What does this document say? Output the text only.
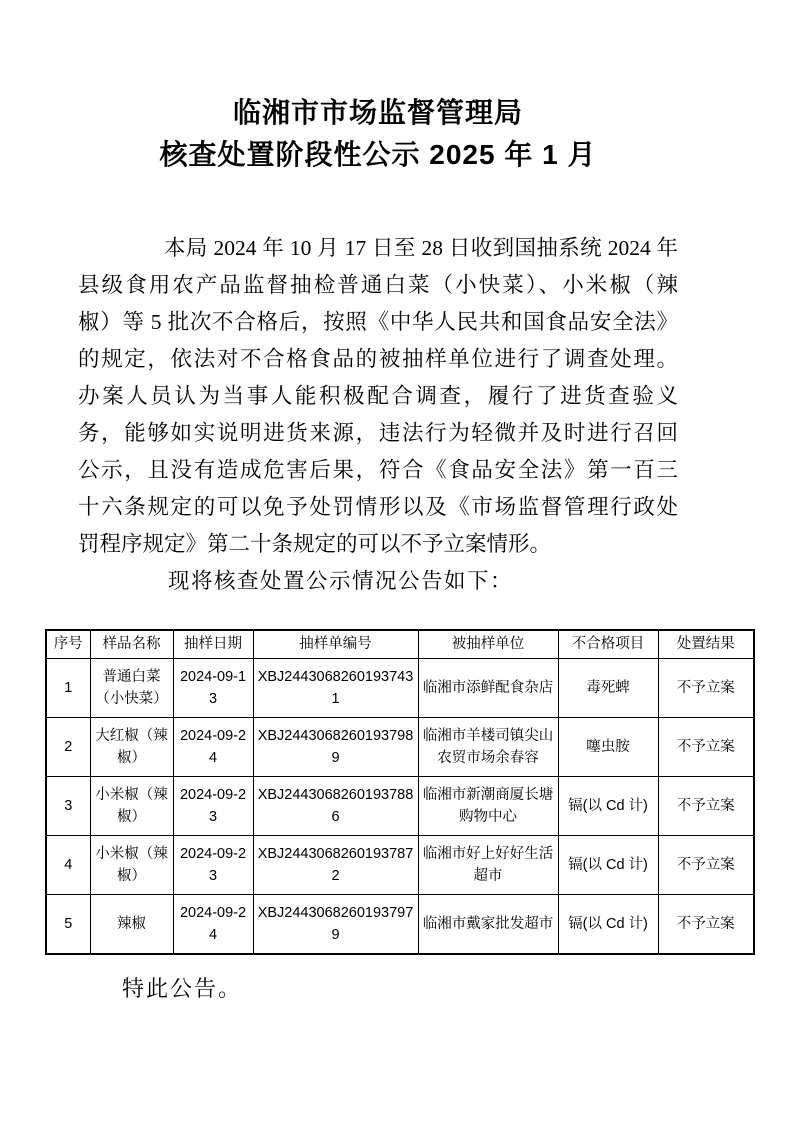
临湘市市场监督管理局
核查处置阶段性公示 2025 年 1 月
本局 2024 年 10 月 17 日至 28 日收到国抽系统 2024 年
县级食用农产品监督抽检普通白菜（小快菜）、小米椒（辣
椒）等 5 批次不合格后，按照《中华人民共和国食品安全法》
的规定，依法对不合格食品的被抽样单位进行了调查处理。
办案人员认为当事人能积极配合调查，履行了进货查验义
务，能够如实说明进货来源，违法行为轻微并及时进行召回
公示，且没有造成危害后果，符合《食品安全法》第一百三
十六条规定的可以免予处罚情形以及《市场监督管理行政处
罚程序规定》第二十条规定的可以不予立案情形。
现将核查处置公示情况公告如下：
序号	样品名称	抽样日期	抽样单编号	被抽样单位	不合格项目	处置结果
1	普通白菜（小快菜）	2024-09-13	XBJ24430682601937431	临湘市添鲜配食杂店	毒死蜱	不予立案
2	大红椒（辣椒）	2024-09-24	XBJ24430682601937989	临湘市羊楼司镇尖山农贸市场余春容	噻虫胺	不予立案
3	小米椒（辣椒）	2024-09-23	XBJ24430682601937886	临湘市新潮商厦长塘购物中心	镉(以 Cd 计)	不予立案
4	小米椒（辣椒）	2024-09-23	XBJ24430682601937872	临湘市好上好好生活超市	镉(以 Cd 计)	不予立案
5	辣椒	2024-09-24	XBJ24430682601937979	临湘市戴家批发超市	镉(以 Cd 计)	不予立案
特此公告。
